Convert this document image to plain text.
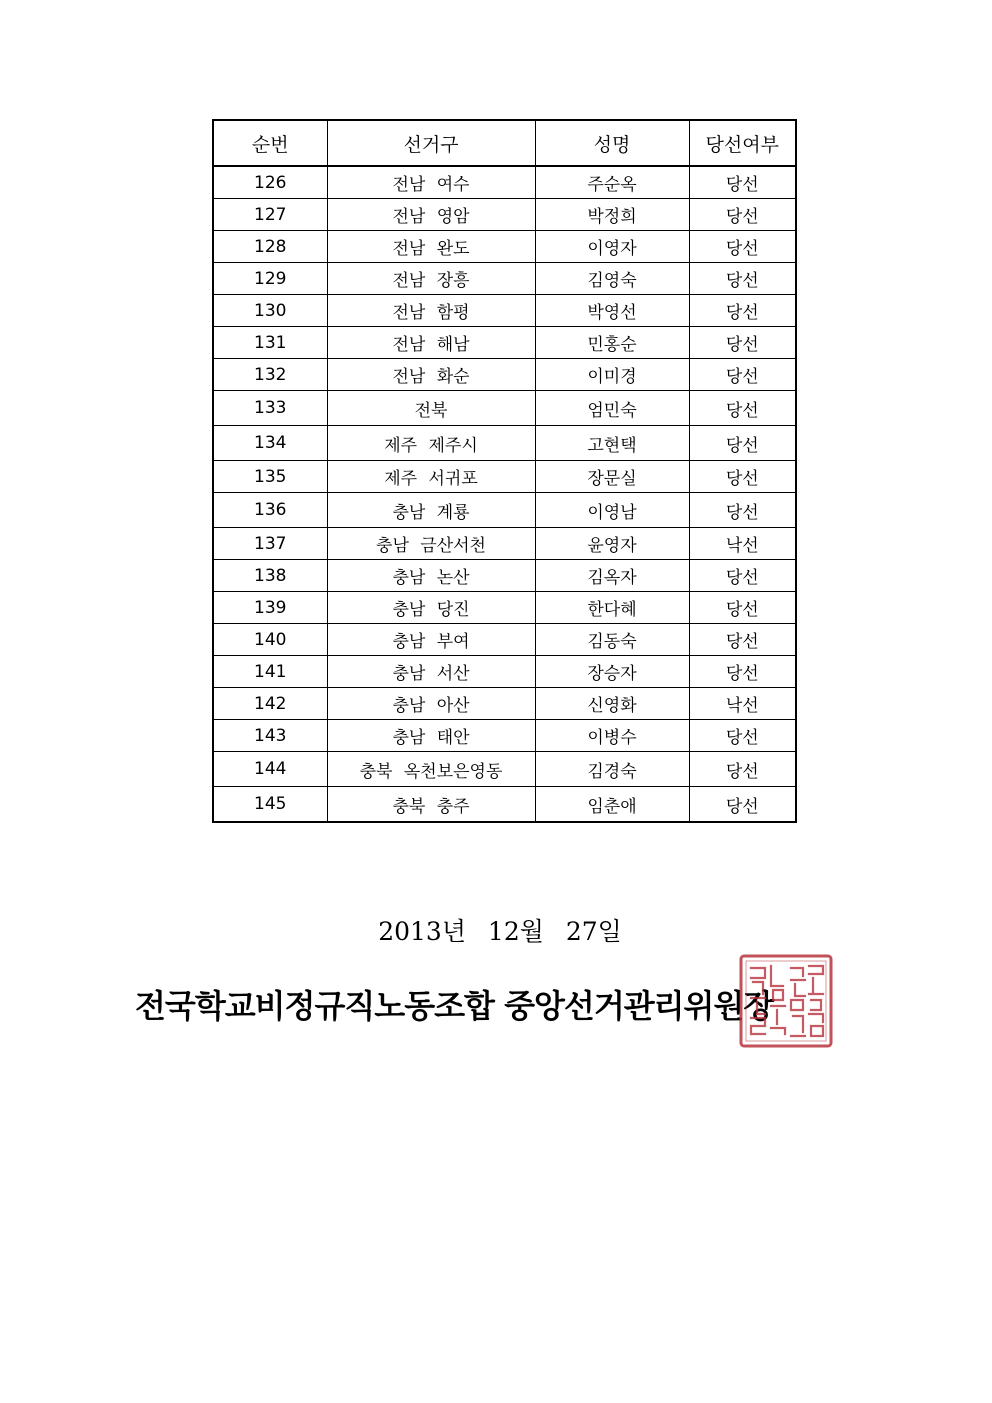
순번	선거구	성명	당선여부
126	전남 여수	주순옥	당선
127	전남 영암	박정희	당선
128	전남 완도	이영자	당선
129	전남 장흥	김영숙	당선
130	전남 함평	박영선	당선
131	전남 해남	민홍순	당선
132	전남 화순	이미경	당선
133	전북	엄민숙	당선
134	제주 제주시	고현택	당선
135	제주 서귀포	장문실	당선
136	충남 계룡	이영남	당선
137	충남 금산서천	윤영자	낙선
138	충남 논산	김옥자	당선
139	충남 당진	한다혜	당선
140	충남 부여	김동숙	당선
141	충남 서산	장승자	당선
142	충남 아산	신영화	낙선
143	충남 태안	이병수	당선
144	충북 옥천보은영동	김경숙	당선
145	충북 충주	임춘애	당선
2013년 12월 27일
전국학교비정규직노동조합 중앙선거관리위원장
